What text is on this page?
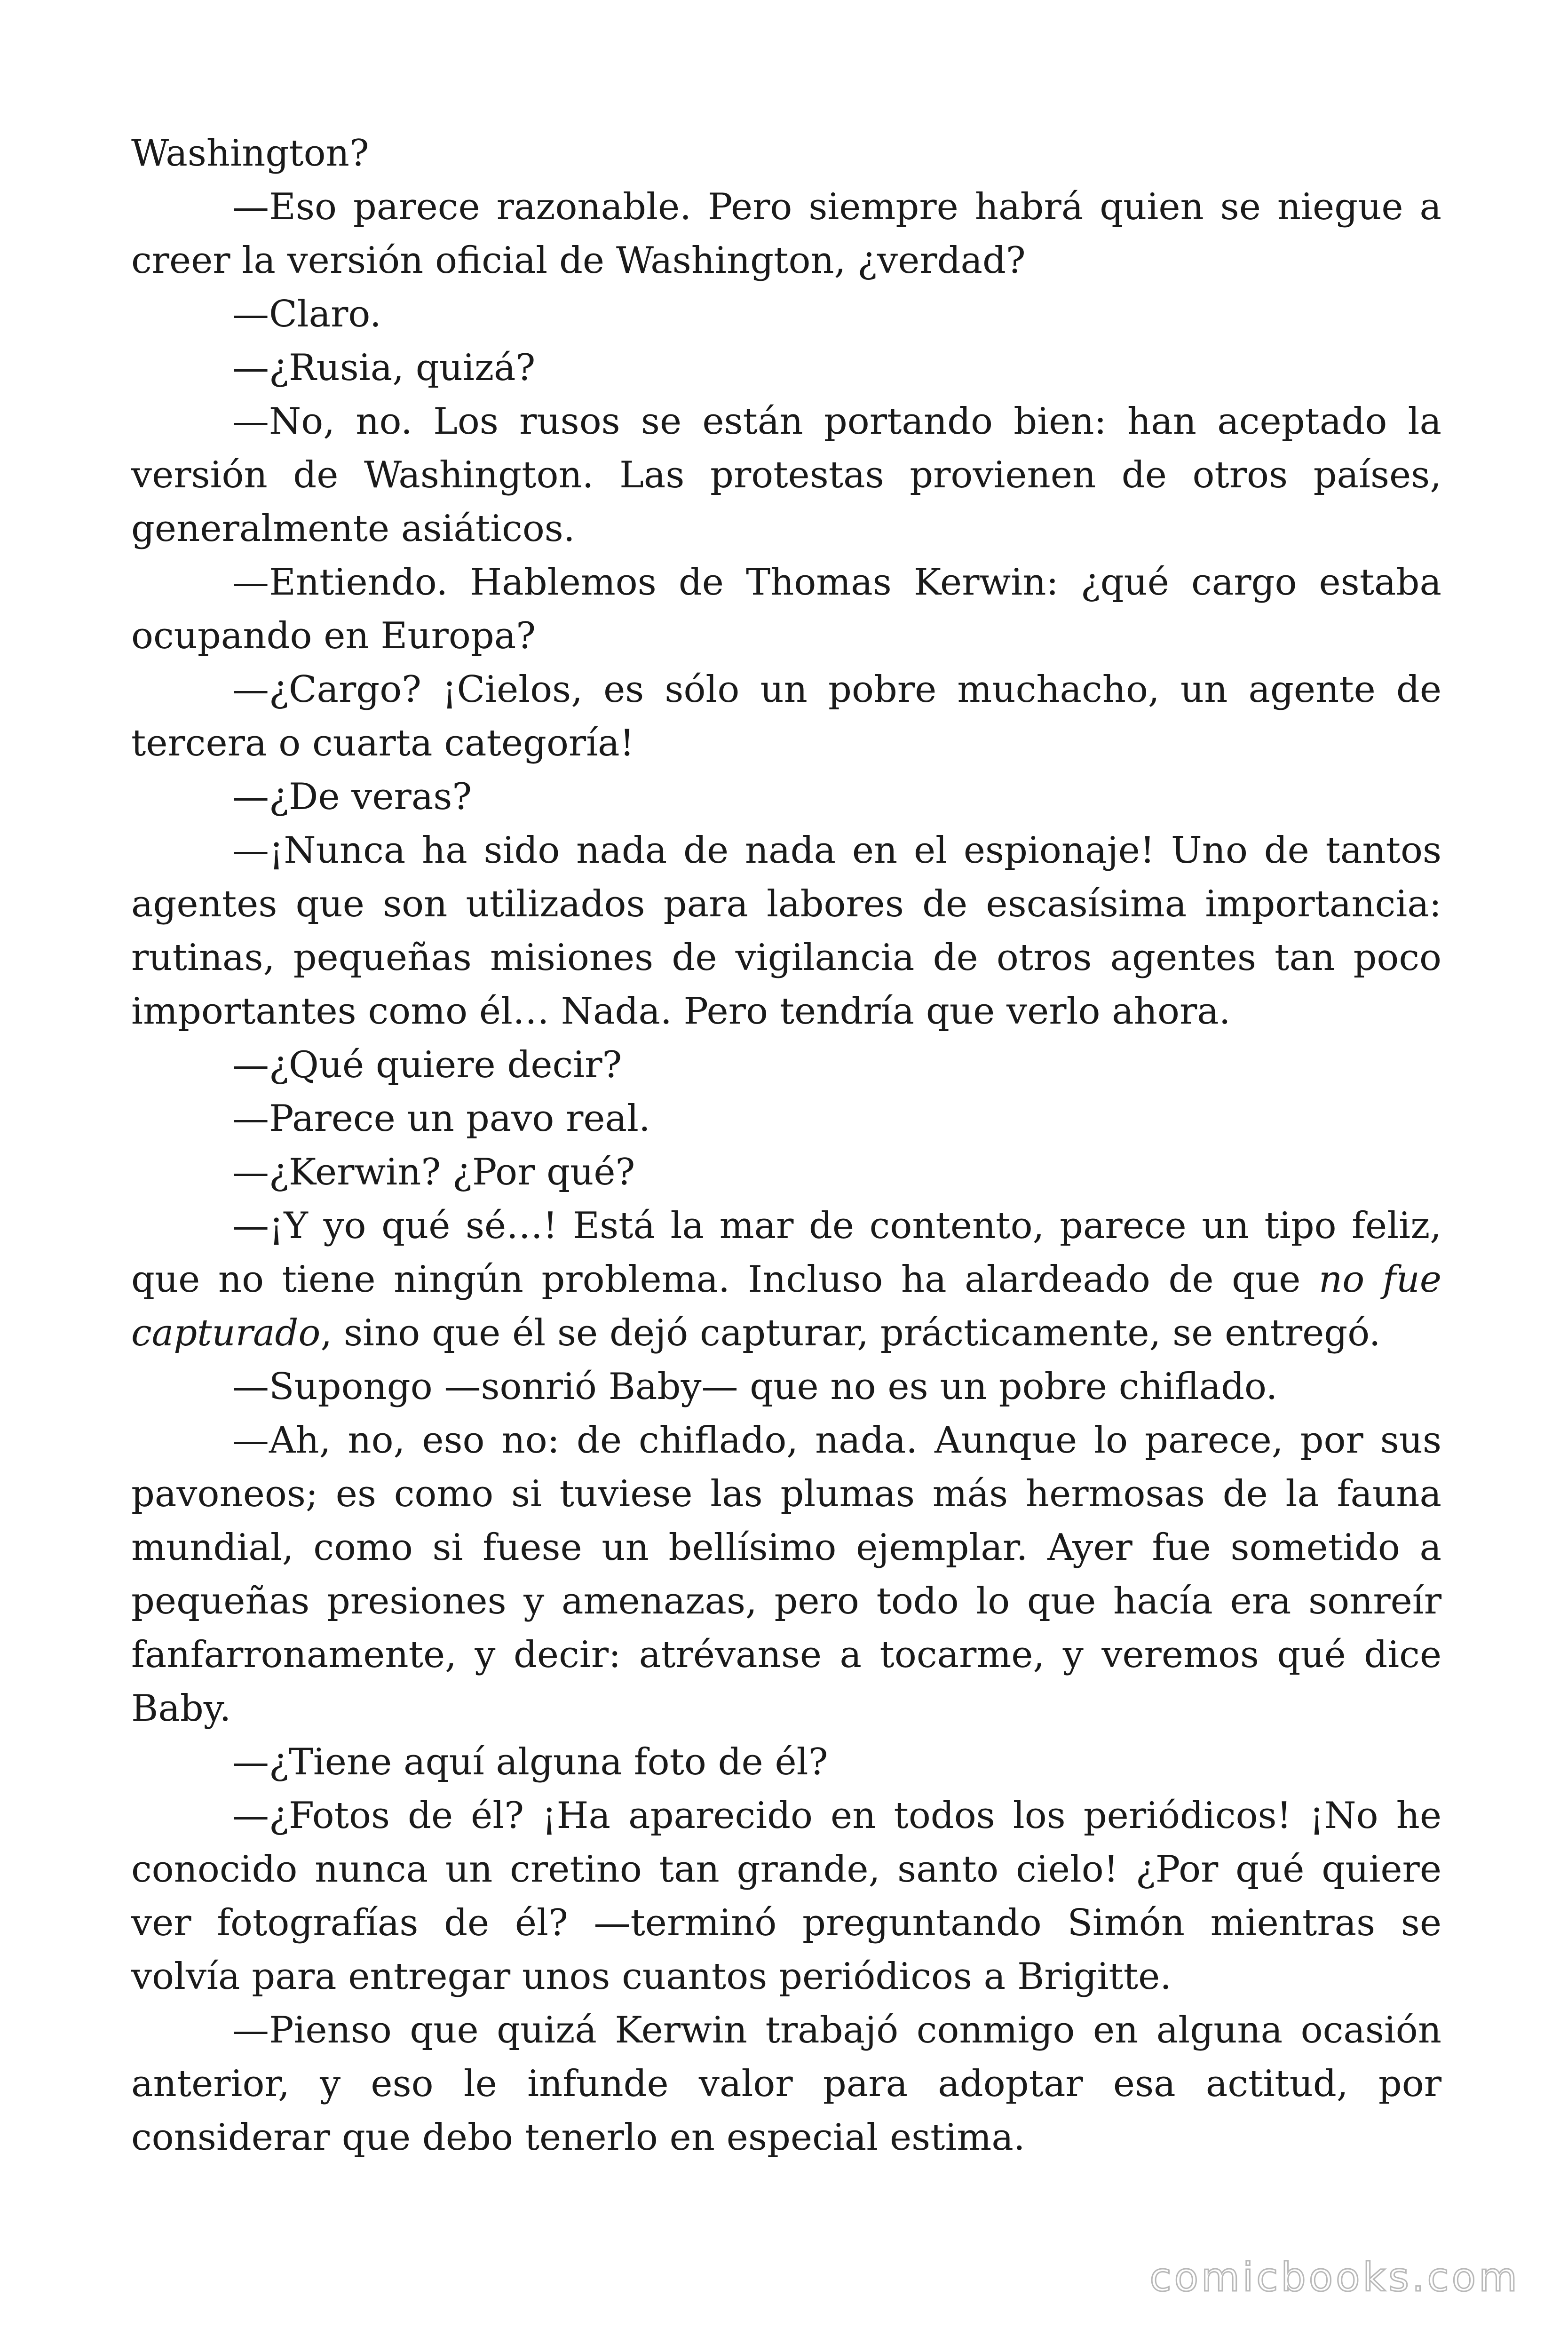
Washington?

—Eso parece razonable. Pero siempre habrá quien se niegue a creer la versión oficial de Washington, ¿verdad?

—Claro.

—¿Rusia, quizá?

—No, no. Los rusos se están portando bien: han aceptado la versión de Washington. Las protestas provienen de otros países, generalmente asiáticos.

—Entiendo. Hablemos de Thomas Kerwin: ¿qué cargo estaba ocupando en Europa?

—¿Cargo? ¡Cielos, es sólo un pobre muchacho, un agente de tercera o cuarta categoría!

—¿De veras?

—¡Nunca ha sido nada de nada en el espionaje! Uno de tantos agentes que son utilizados para labores de escasísima importancia: rutinas, pequeñas misiones de vigilancia de otros agentes tan poco importantes como él… Nada. Pero tendría que verlo ahora.

—¿Qué quiere decir?

—Parece un pavo real.

—¿Kerwin? ¿Por qué?

—¡Y yo qué sé…! Está la mar de contento, parece un tipo feliz, que no tiene ningún problema. Incluso ha alardeado de que no fue capturado, sino que él se dejó capturar, prácticamente, se entregó.

—Supongo —sonrió Baby— que no es un pobre chiflado.

—Ah, no, eso no: de chiflado, nada. Aunque lo parece, por sus pavoneos; es como si tuviese las plumas más hermosas de la fauna mundial, como si fuese un bellísimo ejemplar. Ayer fue sometido a pequeñas presiones y amenazas, pero todo lo que hacía era sonreír fanfarronamente, y decir: atrévanse a tocarme, y veremos qué dice Baby.

—¿Tiene aquí alguna foto de él?

—¿Fotos de él? ¡Ha aparecido en todos los periódicos! ¡No he conocido nunca un cretino tan grande, santo cielo! ¿Por qué quiere ver fotografías de él? —terminó preguntando Simón mientras se volvía para entregar unos cuantos periódicos a Brigitte.

—Pienso que quizá Kerwin trabajó conmigo en alguna ocasión anterior, y eso le infunde valor para adoptar esa actitud, por considerar que debo tenerlo en especial estima.

comicbooks.com
